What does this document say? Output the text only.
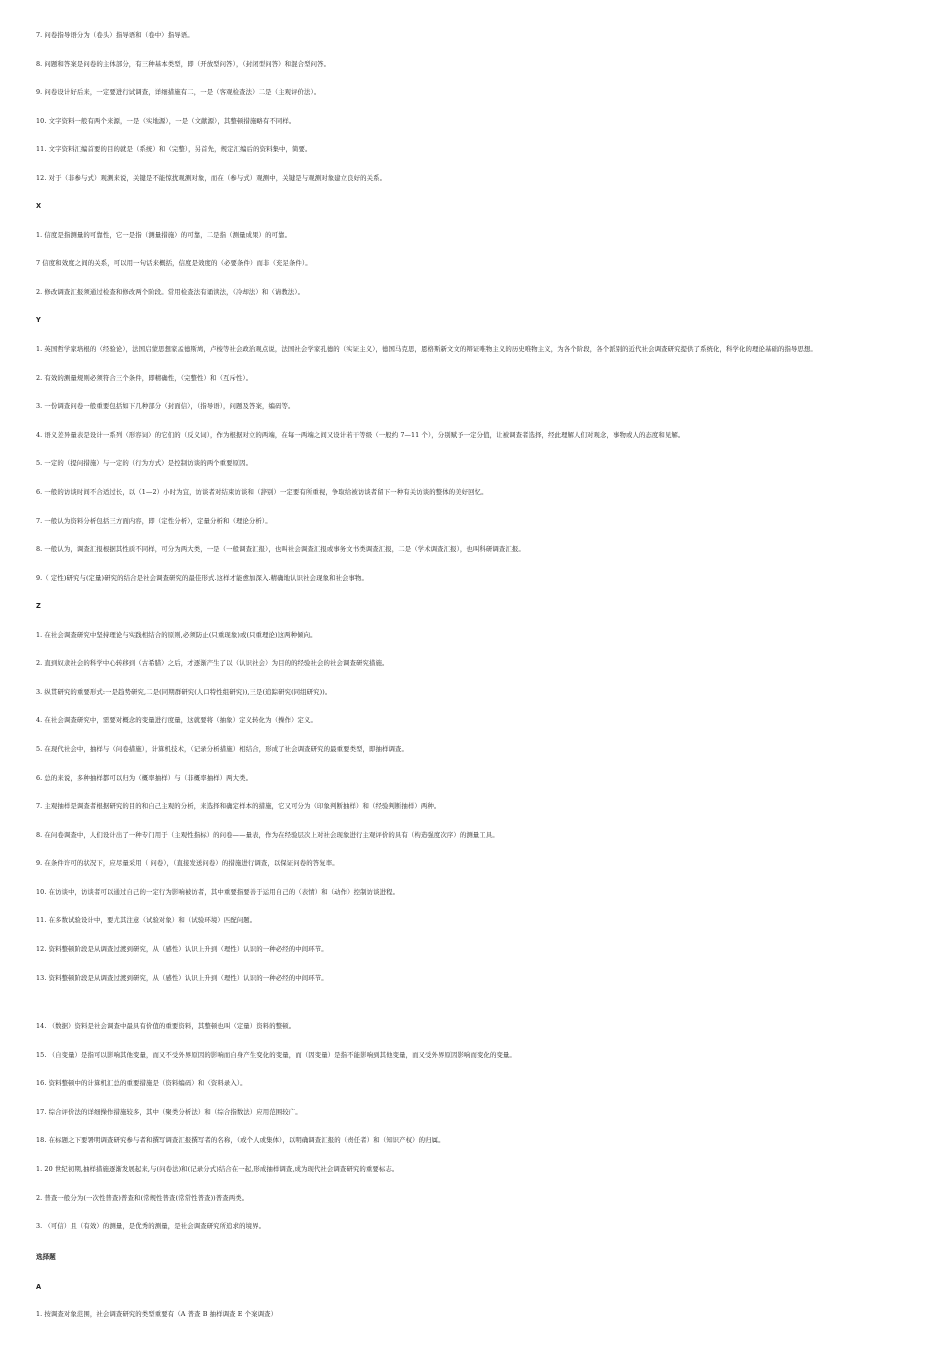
7. 问卷指导语分为（卷头）指导语和（卷中）指导语。
8. 问题和答案是问卷的主体部分，有三种基本类型，即（开放型问答），（封闭型问答）和混合型问答。
9. 问卷设计好后来，一定要进行试调查，详细措施有二，一是（客观检查法）二是（主观评价法）。
10. 文字资料一般有两个来源，一是（实地源），一是（文献源），其整顿措施略有不同样。
11. 文字资料汇编首要的目的就是（系统）和（完整），另首先，规定汇编后的资料集中，简要。
12. 对于（非参与式）观测来说，关键是不能惊扰观测对象，而在（参与式）观测中，关键是与观测对象建立良好的关系。
X
1. 信度是指测量的可靠性，它一是指（测量措施）的可靠，二是指（测量成果）的可靠。
7 信度和效度之间的关系，可以用一句话来概括，信度是效度的（必要条件）而非（充足条件）。
2. 修改调查汇报须通过检查和修改两个阶段。常用检查法有诵读法，（冷却法）和（请教法）。
Y
1. 英国哲学家培根的（经验论），法国启蒙思想家孟德斯鸠，卢梭等社会政治观点说，法国社会学家孔德的（实证主义），德国马克思，恩格斯新文文的辩证唯物主义的历史唯物主义，为各个阶段，各个派别的近代社会调查研究提供了系统化，科学化的理论基础的指导思想。
2. 有效的测量规则必须符合三个条件，即精确性，（完整性）和（互斥性）。
3. 一份调查问卷一般重要包括如下几种部分（封面信），（指导语），问题及答案，编码等。
4. 语义差异量表是设计一系列（形容词）的它们的（反义词），作为根据对立的两端，在每一两端之间又设计若干等级（一般约 7—11 个），分别赋予一定分值，让被调查者选择，经此理解人们对观念，事物或人的态度和见解。
5. 一定的（提问措施）与一定的（行为方式）是控制访谈的两个重要原因。
6. 一般的访谈时间不合适过长，以（1—2）小时为宜，访谈者对结束访谈和（辞别）一定要有所重视，争取给被访谈者留下一种有关访谈的整体的美好回忆。
7. 一般认为资料分析包括三方面内容，即（定性分析），定量分析和（理论分析）。
8. 一般认为，调查汇报根据其性质不同样，可分为两大类，一是（一般调查汇报），也叫社会调查汇报或事务文书类调查汇报，二是（学术调查汇报），也叫科研调查汇报。
9.（ 定性)研究与(定量)研究的结合是社会调查研究的最佳形式.这样才能愈加深入.精确地认识社会现象和社会事物。
Z
1. 在社会调查研究中坚持理论与实践相结合的原则,必须防止(只重现象)或(只重理论)这两种倾向。
2. 直到奴隶社会的科学中心转移到（古希腊）之后，才逐渐产生了以（认识社会）为目的的经验社会的社会调查研究措施。
3. 纵贯研究的重要形式:一是趋势研究,二是(同期群研究(人口特性组研究)),三是(追踪研究(同组研究))。
4. 在社会调查研究中，需要对概念的变量进行度量，这就要将（抽象）定义转化为（操作）定义。
5. 在现代社会中，抽样与（问卷措施），计算机技术，（记录分析措施）相结合，形成了社会调查研究的最重要类型，即抽样调查。
6. 总的来说，多种抽样都可以归为（概率抽样）与（非概率抽样）两大类。
7. 主观抽样是调查者根据研究的目的和自己主观的分析，来选择和确定样本的措施，它又可分为（印象判断抽样）和（经验判断抽样）两种。
8. 在问卷调查中，人们设计出了一种专门用于（主观性指标）的问卷——量表，作为在经验层次上对社会现象进行主观评价的具有（构造强度次序）的测量工具。
9. 在条件许可的状况下，应尽量采用（ 问卷），（直接发送问卷）的措施进行调查，以保证问卷的答复率。
10. 在访谈中，访谈者可以通过自己的一定行为影响被访者，其中重要指要善于运用自己的（表情）和（动作）控制访谈进程。
11. 在多数试验设计中，要尤其注意（试验对象）和（试验环境）匹配问题。
12. 资料整顿阶段是从调查过渡到研究，从（感性）认识上升到（理性）认识的一种必经的中间环节。
13. 资料整顿阶段是从调查过渡到研究，从（感性）认识上升到（理性）认识的一种必经的中间环节。
14. （数据）资料是社会调查中最具有价值的重要资料，其整顿也叫（定量）资料的整顿。
15. （自变量）是指可以影响其他变量，而又不受外界原因的影响而自身产生变化的变量，而（因变量）是指不能影响到其他变量，而又受外界原因影响而变化的变量。
16. 资料整顿中的计算机汇总的重要措施是（资料编码）和（资料录入）。
17. 综合评价法的详细操作措施较多，其中（聚类分析法）和（综合指数法）应用范围较广。
18. 在标题之下要署明调查研究参与者和撰写调查汇报撰写者的名称，（或个人或集体），以明确调查汇报的（责任者）和（知识产权）的归属。
1. 20 世纪初期,抽样措施逐渐发展起来,与(问卷法)和(记录分式)结合在一起,形成抽样调查,成为现代社会调查研究的重要标志。
2. 普查一般分为(一次性普查)普查和(常规性普查(常常性普查))普查两类。
3. （可信）且（有效）的测量，是优秀的测量，是社会调查研究所追求的境界。
选择题
A
1. 按调查对象范围，社会调查研究的类型重要有（A 普查 B 抽样调查 E 个案调查）
